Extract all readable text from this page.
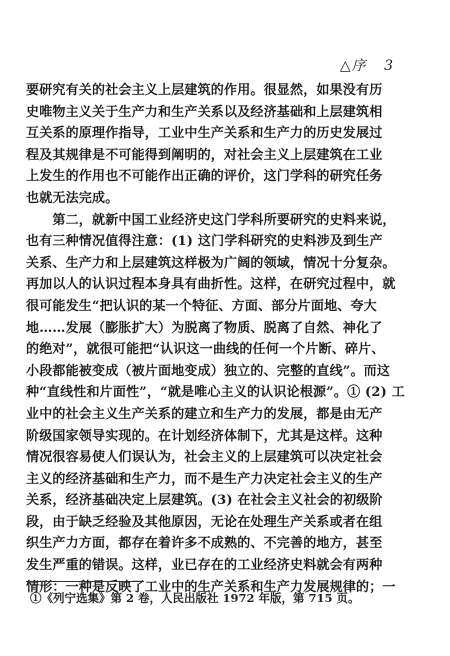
△序 3
要研究有关的社会主义上层建筑的作用。很显然，如果没有历
史唯物主义关于生产力和生产关系以及经济基础和上层建筑相
互关系的原理作指导，工业中生产关系和生产力的历史发展过
程及其规律是不可能得到阐明的，对社会主义上层建筑在工业
上发生的作用也不可能作出正确的评价，这门学科的研究任务
也就无法完成。
　　第二，就新中国工业经济史这门学科所要研究的史料来说，
也有三种情况值得注意：(1) 这门学科研究的史料涉及到生产
关系、生产力和上层建筑这样极为广阔的领域，情况十分复杂。
再加以人的认识过程本身具有曲折性。这样，在研究过程中，就
很可能发生“把认识的某一个特征、方面、部分片面地、夸大
地……发展（膨胀扩大）为脱离了物质、脱离了自然、神化了
的绝对”，就很可能把“认识这一曲线的任何一个片断、碎片、
小段都能被变成（被片面地变成）独立的、完整的直线”。而这
种“直线性和片面性”，“就是唯心主义的认识论根源”。① (2) 工
业中的社会主义生产关系的建立和生产力的发展，都是由无产
阶级国家领导实现的。在计划经济体制下，尤其是这样。这种
情况很容易使人们误认为，社会主义的上层建筑可以决定社会
主义的经济基础和生产力，而不是生产力决定社会主义的生产
关系，经济基础决定上层建筑。(3) 在社会主义社会的初级阶
段，由于缺乏经验及其他原因，无论在处理生产关系或者在组
织生产力方面，都存在着许多不成熟的、不完善的地方，甚至
发生严重的错误。这样，业已存在的工业经济史料就会有两种
情形：一种是反映了工业中的生产关系和生产力发展规律的；一
①《列宁选集》第 2 卷，人民出版社 1972 年版，第 715 页。
